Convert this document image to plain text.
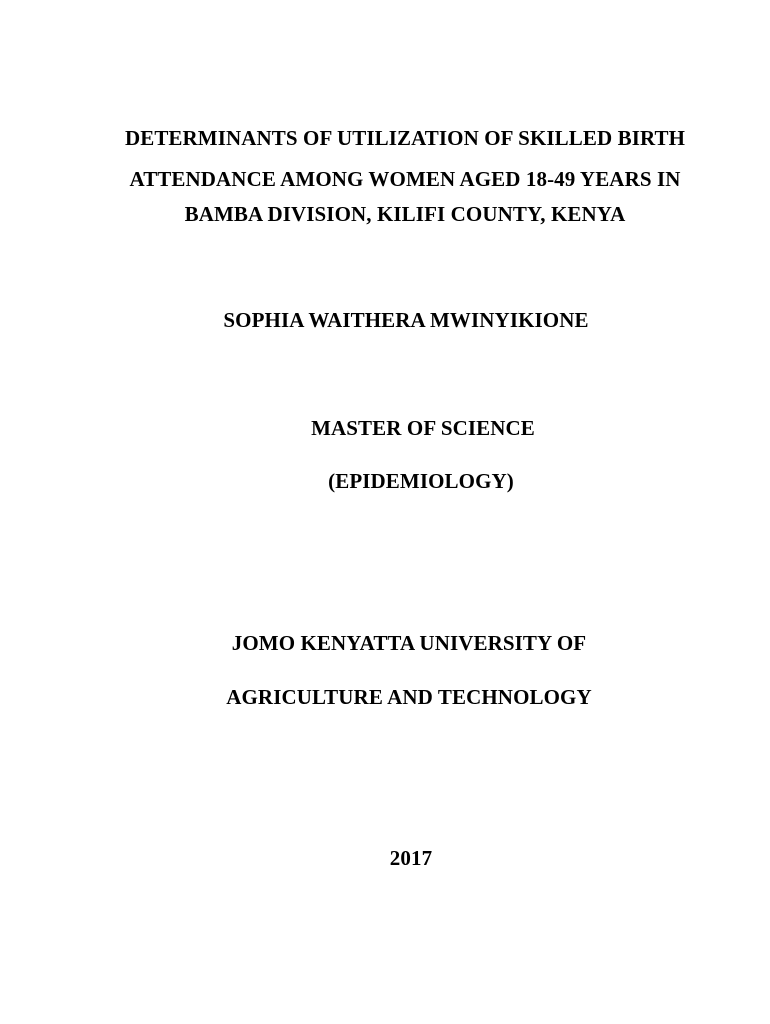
DETERMINANTS OF UTILIZATION OF SKILLED BIRTH
ATTENDANCE AMONG WOMEN AGED 18-49 YEARS IN
BAMBA DIVISION, KILIFI COUNTY, KENYA
SOPHIA WAITHERA MWINYIKIONE
MASTER OF SCIENCE
(EPIDEMIOLOGY)
JOMO KENYATTA UNIVERSITY OF
AGRICULTURE AND TECHNOLOGY
2017
